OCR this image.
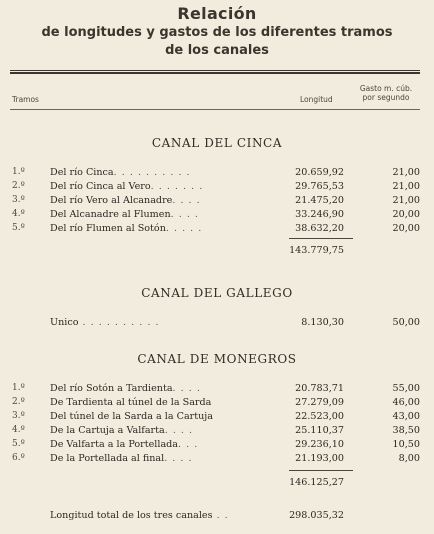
Relación
de longitudes y gastos de los diferentes tramos
de los canales
Tramos	Longitud
Gasto m. cúb.
por segundo
CANAL DEL CINCA
1.º	Del río Cinca. . . . . . . . . .	20.659,92	21,00
2.º	Del río Cinca al Vero. . . . . . .	29.765,53	21,00
3.º	Del río Vero al Alcanadre. . . .	21.475,20	21,00
4.º	Del Alcanadre al Flumen. . . .	33.246,90	20,00
5.º	Del río Flumen al Sotón. . . . .	38.632,20	20,00
143.779,75
CANAL DEL GALLEGO
Unico . . . . . . . . . .	8.130,30	50,00
CANAL DE MONEGROS
1.º	Del río Sotón a Tardienta. . . .	20.783,71	55,00
2.º	De Tardienta al túnel de la Sarda	27.279,09	46,00
3.º	Del túnel de la Sarda a la Cartuja	22.523,00	43,00
4.º	De la Cartuja a Valfarta. . . .	25.110,37	38,50
5.º	De Valfarta a la Portellada. . .	29.236,10	10,50
6.º	De la Portellada al final. . . .	21.193,00	8,00
146.125,27
Longitud total de los tres canales . .	298.035,32
